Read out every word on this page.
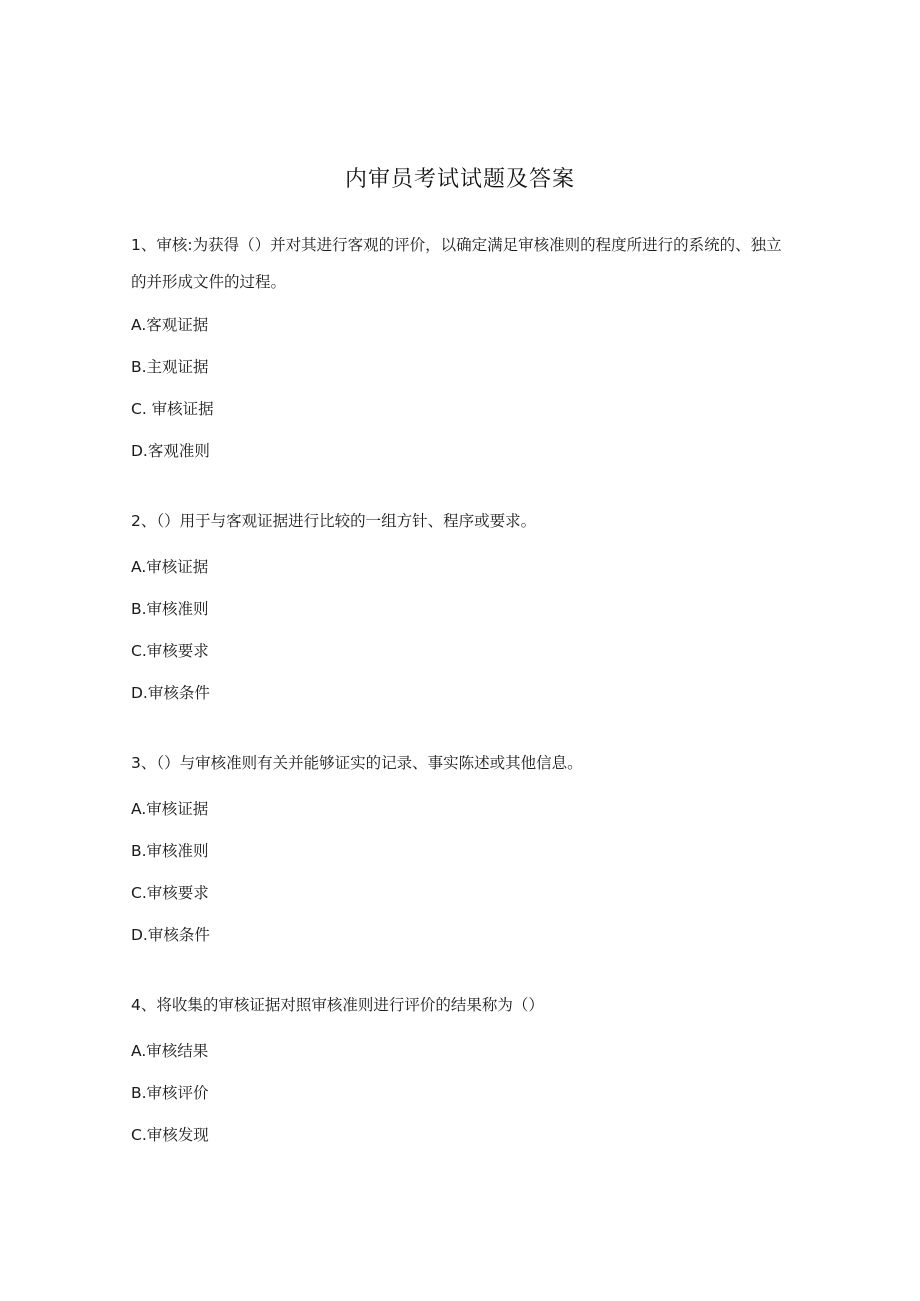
内审员考试试题及答案
1、审核:为获得（）并对其进行客观的评价，以确定满足审核准则的程度所进行的系统的、独立的并形成文件的过程。
A.客观证据
B.主观证据
C. 审核证据
D.客观准则
2、（）用于与客观证据进行比较的一组方针、程序或要求。
A.审核证据
B.审核准则
C.审核要求
D.审核条件
3、（）与审核准则有关并能够证实的记录、事实陈述或其他信息。
A.审核证据
B.审核准则
C.审核要求
D.审核条件
4、将收集的审核证据对照审核准则进行评价的结果称为（）
A.审核结果
B.审核评价
C.审核发现
